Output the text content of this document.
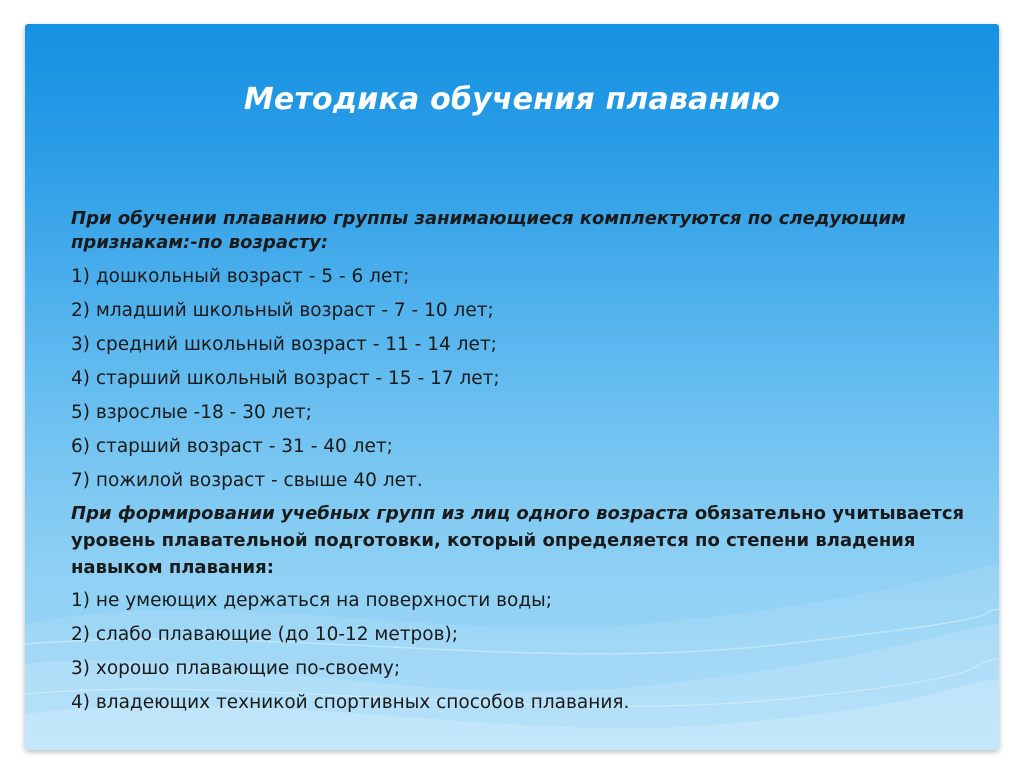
Методика обучения плаванию

При обучении плаванию группы занимающиеся комплектуются по следующим признакам:-по возрасту:

1) дошкольный возраст - 5 - 6 лет;

2) младший школьный возраст - 7 - 10 лет;

3) средний школьный возраст - 11 - 14 лет;

4) старший школьный возраст - 15 - 17 лет;

5) взрослые -18 - 30 лет;

6) старший возраст - 31 - 40 лет;

7) пожилой возраст - свыше 40 лет.

При формировании учебных групп из лиц одного возраста обязательно учитывается уровень плавательной подготовки, который определяется по степени владения навыком плавания:

1) не умеющих держаться на поверхности воды;

2) слабо плавающие (до 10-12 метров);

3) хорошо плавающие по-своему;

4) владеющих техникой спортивных способов плавания.
